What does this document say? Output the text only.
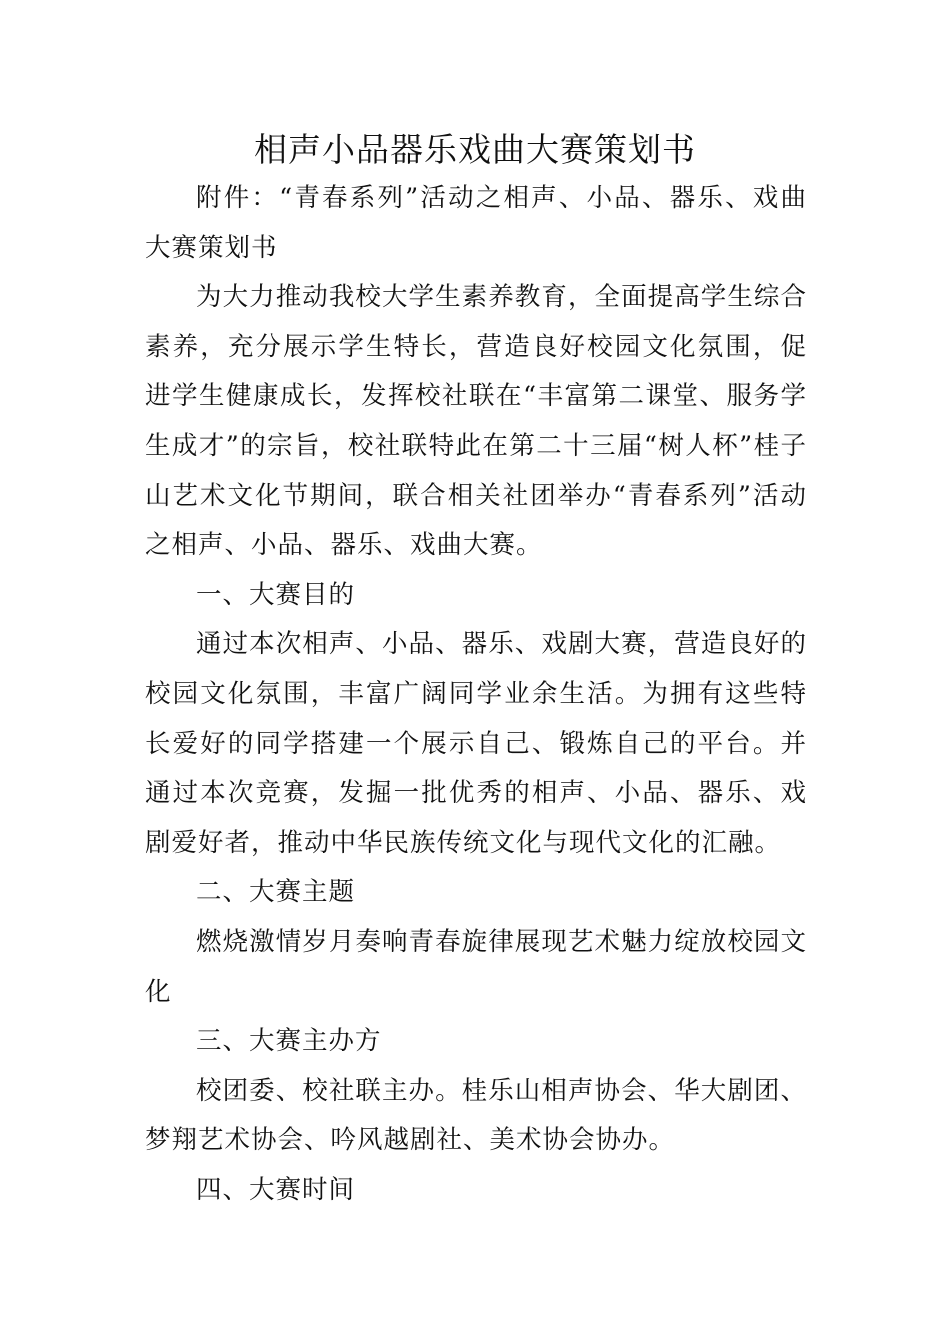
相声小品器乐戏曲大赛策划书

附件：“青春系列”活动之相声、小品、器乐、戏曲大赛策划书

为大力推动我校大学生素养教育，全面提高学生综合素养，充分展示学生特长，营造良好校园文化氛围，促进学生健康成长，发挥校社联在“丰富第二课堂、服务学生成才”的宗旨，校社联特此在第二十三届“树人杯”桂子山艺术文化节期间，联合相关社团举办“青春系列”活动之相声、小品、器乐、戏曲大赛。

一、大赛目的

通过本次相声、小品、器乐、戏剧大赛，营造良好的校园文化氛围，丰富广阔同学业余生活。为拥有这些特长爱好的同学搭建一个展示自己、锻炼自己的平台。并通过本次竞赛，发掘一批优秀的相声、小品、器乐、戏剧爱好者，推动中华民族传统文化与现代文化的汇融。

二、大赛主题

燃烧激情岁月奏响青春旋律展现艺术魅力绽放校园文化

三、大赛主办方

校团委、校社联主办。桂乐山相声协会、华大剧团、梦翔艺术协会、吟风越剧社、美术协会协办。

四、大赛时间
